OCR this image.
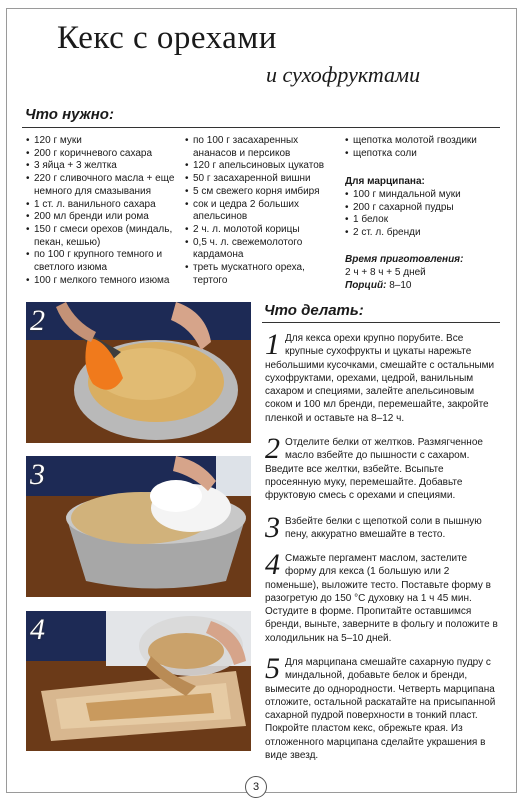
Кекс с орехами
и сухофруктами
Что нужно:
• 120 г муки
• 200 г коричневого сахара
• 3 яйца + 3 желтка
• 220 г сливочного масла + еще немного для смазывания
• 1 ст. л. ванильного сахара
• 200 мл бренди или рома
• 150 г смеси орехов (миндаль, пекан, кешью)
• по 100 г крупного темного и светлого изюма
• 100 г мелкого темного изюма
• по 100 г засахаренных ананасов и персиков
• 120 г апельсиновых цукатов
• 50 г засахаренной вишни
• 5 см свежего корня имбиря
• сок и цедра 2 больших апельсинов
• 2 ч. л. молотой корицы
• 0,5 ч. л. свежемолотого кардамона
• треть мускатного ореха, тертого
• щепотка молотой гвоздики
• щепотка соли
Для марципана:
• 100 г миндальной муки
• 200 г сахарной пудры
• 1 белок
• 2 ст. л. бренди
Время приготовления:
2 ч + 8 ч + 5 дней
Порций: 8–10
2
3
4
Что делать:
1 Для кекса орехи крупно порубите. Все крупные сухофрукты и цукаты нарежьте небольшими кусочками, смешайте с остальными сухофруктами, орехами, цедрой, ванильным сахаром и специями, залейте апельсиновым соком и 100 мл бренди, перемешайте, закройте пленкой и оставьте на 8–12 ч.
2 Отделите белки от желтков. Размягченное масло взбейте до пышности с сахаром. Введите все желтки, взбейте. Всыпьте просеянную муку, перемешайте. Добавьте фруктовую смесь с орехами и специями.
3 Взбейте белки с щепоткой соли в пышную пену, аккуратно вмешайте в тесто.
4 Смажьте пергамент маслом, застелите форму для кекса (1 большую или 2 поменьше), выложите тесто. Поставьте форму в разогретую до 150 °С духовку на 1 ч 45 мин. Остудите в форме. Пропитайте оставшимся бренди, выньте, заверните в фольгу и положите в холодильник на 5–10 дней.
5 Для марципана смешайте сахарную пудру с миндальной, добавьте белок и бренди, вымесите до однородности. Четверть марципана отложите, остальной раскатайте на присыпанной сахарной пудрой поверхности в тонкий пласт. Покройте пластом кекс, обрежьте края. Из отложенного марципана сделайте украшения в виде звезд.
3
